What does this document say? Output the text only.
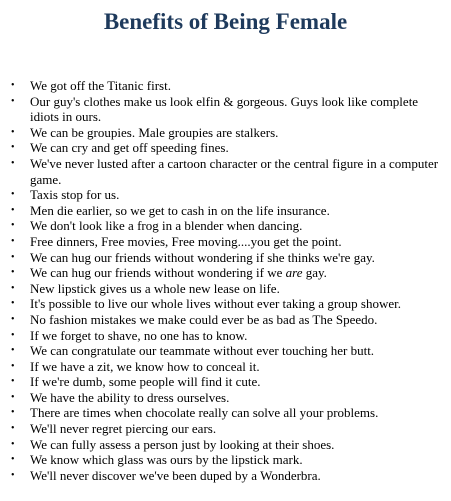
Benefits of Being Female
• We got off the Titanic first.
• Our guy's clothes make us look elfin & gorgeous. Guys look like complete idiots in ours.
• We can be groupies. Male groupies are stalkers.
• We can cry and get off speeding fines.
• We've never lusted after a cartoon character or the central figure in a computer game.
• Taxis stop for us.
• Men die earlier, so we get to cash in on the life insurance.
• We don't look like a frog in a blender when dancing.
• Free dinners, Free movies, Free moving....you get the point.
• We can hug our friends without wondering if she thinks we're gay.
• We can hug our friends without wondering if we are gay.
• New lipstick gives us a whole new lease on life.
• It's possible to live our whole lives without ever taking a group shower.
• No fashion mistakes we make could ever be as bad as The Speedo.
• If we forget to shave, no one has to know.
• We can congratulate our teammate without ever touching her butt.
• If we have a zit, we know how to conceal it.
• If we're dumb, some people will find it cute.
• We have the ability to dress ourselves.
• There are times when chocolate really can solve all your problems.
• We'll never regret piercing our ears.
• We can fully assess a person just by looking at their shoes.
• We know which glass was ours by the lipstick mark.
• We'll never discover we've been duped by a Wonderbra.
